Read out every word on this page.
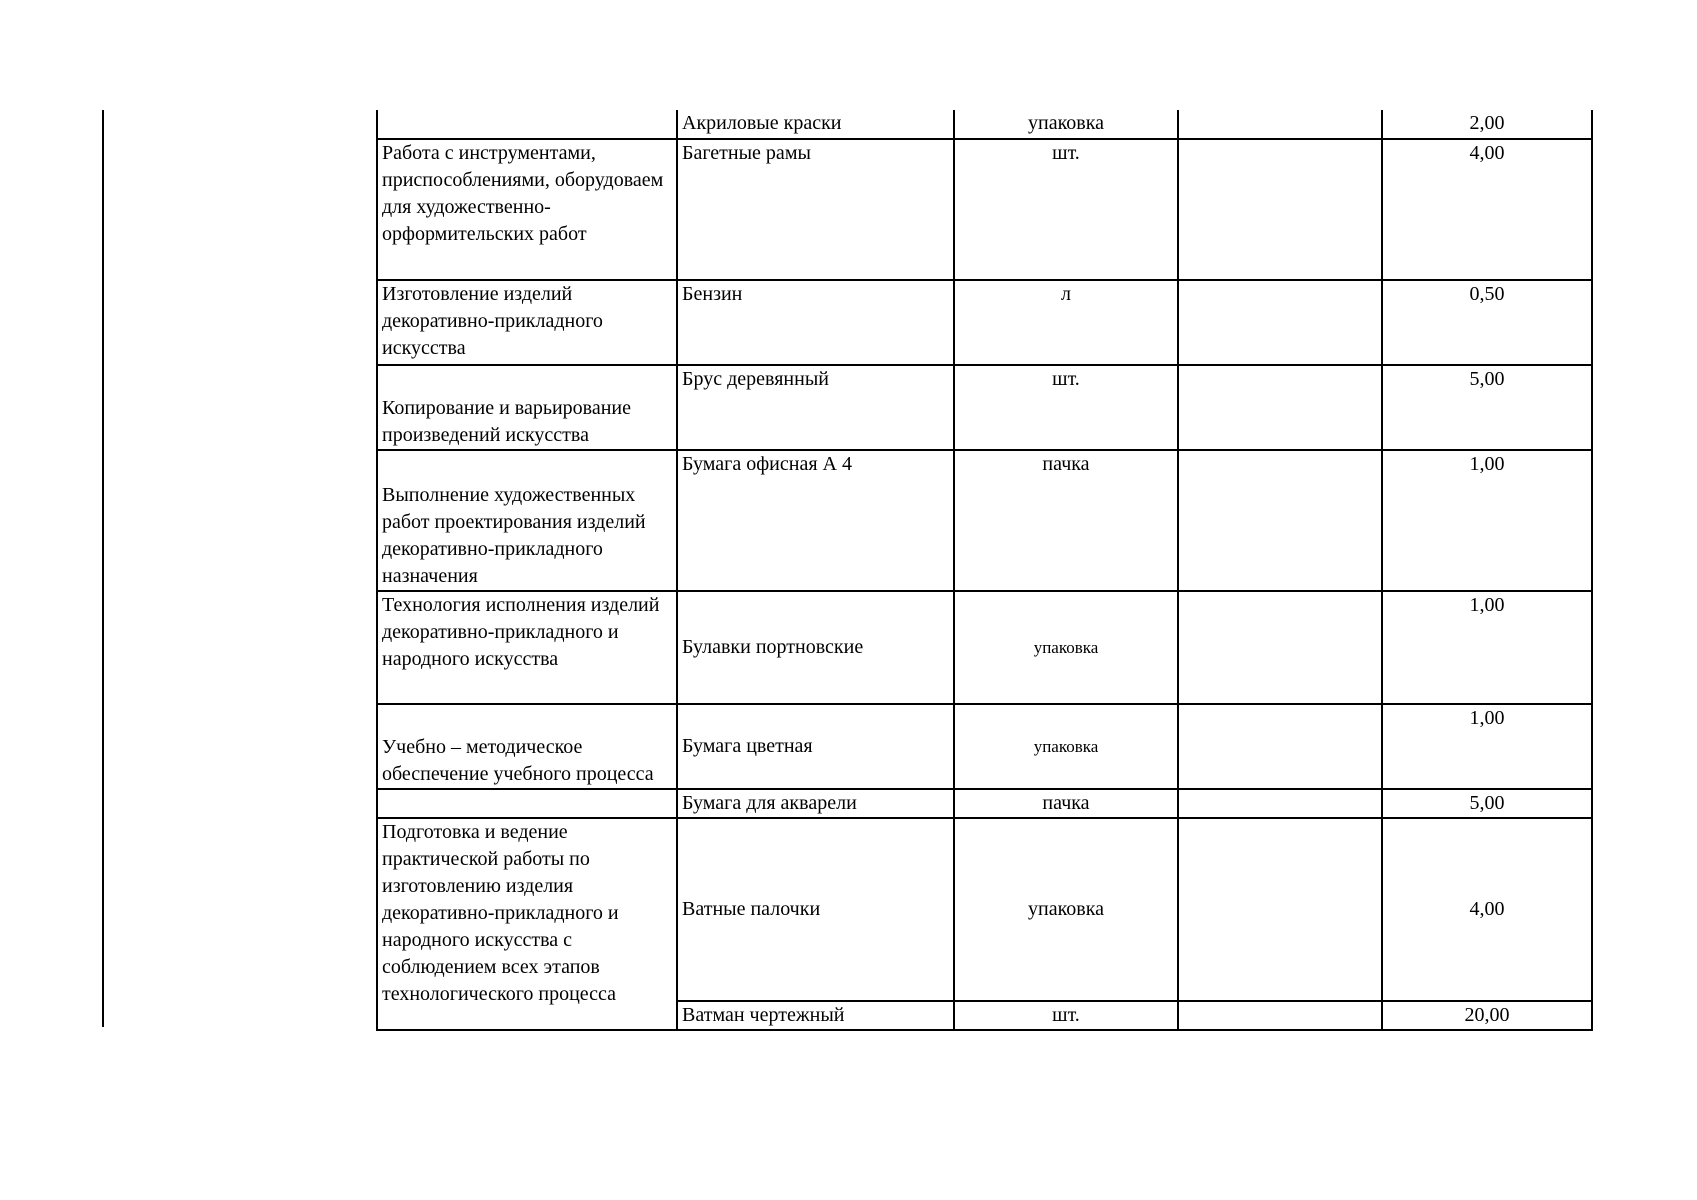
	Акриловые краски	упаковка		2,00
Работа с инструментами, приспособлениями, оборудоваем для художественно-орформительских работ	Багетные рамы	шт.		4,00
Изготовление изделий декоративно-прикладного искусства	Бензин	л		0,50
Копирование и варьирование произведений искусства	Брус деревянный	шт.		5,00
Выполнение художественных работ проектирования изделий декоративно-прикладного назначения	Бумага офисная А 4	пачка		1,00
Технология исполнения изделий декоративно-прикладного и народного искусства	Булавки портновские	упаковка		1,00
Учебно – методическое обеспечение учебного процесса	Бумага цветная	упаковка		1,00
	Бумага для акварели	пачка		5,00
Подготовка и ведение практической работы по изготовлению изделия декоративно-прикладного и народного искусства с соблюдением всех этапов технологического процесса	Ватные палочки	упаковка		4,00
	Ватман чертежный	шт.		20,00
